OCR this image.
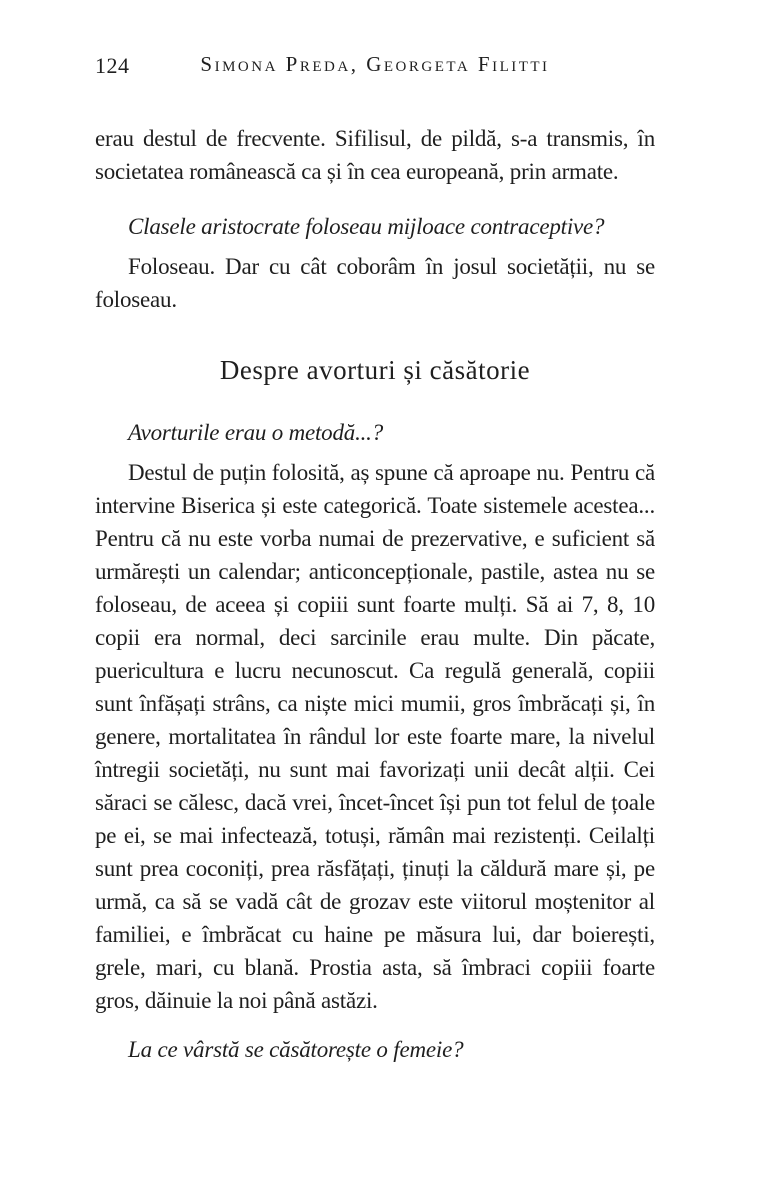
124	Simona Preda, Georgeta Filitti

erau destul de frecvente. Sifilisul, de pildă, s-a transmis, în societatea românească ca și în cea europeană, prin armate.

Clasele aristocrate foloseau mijloace contraceptive?

Foloseau. Dar cu cât coborâm în josul societății, nu se foloseau.

Despre avorturi și căsătorie

Avorturile erau o metodă...?

Destul de puțin folosită, aș spune că aproape nu. Pentru că intervine Biserica și este categorică. Toate sistemele acestea... Pentru că nu este vorba numai de prezervative, e suficient să urmărești un calendar; anticoncepționale, pastile, astea nu se foloseau, de aceea și copiii sunt foarte mulți. Să ai 7, 8, 10 copii era normal, deci sarcinile erau multe. Din păcate, puericultura e lucru necunoscut. Ca regulă generală, copiii sunt înfășați strâns, ca niște mici mumii, gros îmbrăcați și, în genere, mortalitatea în rândul lor este foarte mare, la nivelul întregii societăți, nu sunt mai favorizați unii decât alții. Cei săraci se călesc, dacă vrei, încet-încet își pun tot felul de țoale pe ei, se mai infectează, totuși, rămân mai rezistenți. Ceilalți sunt prea coconiți, prea răsfățați, ținuți la căldură mare și, pe urmă, ca să se vadă cât de grozav este viitorul moștenitor al familiei, e îmbrăcat cu haine pe măsura lui, dar boierești, grele, mari, cu blană. Prostia asta, să îmbraci copiii foarte gros, dăinuie la noi până astăzi.

La ce vârstă se căsătorește o femeie?
